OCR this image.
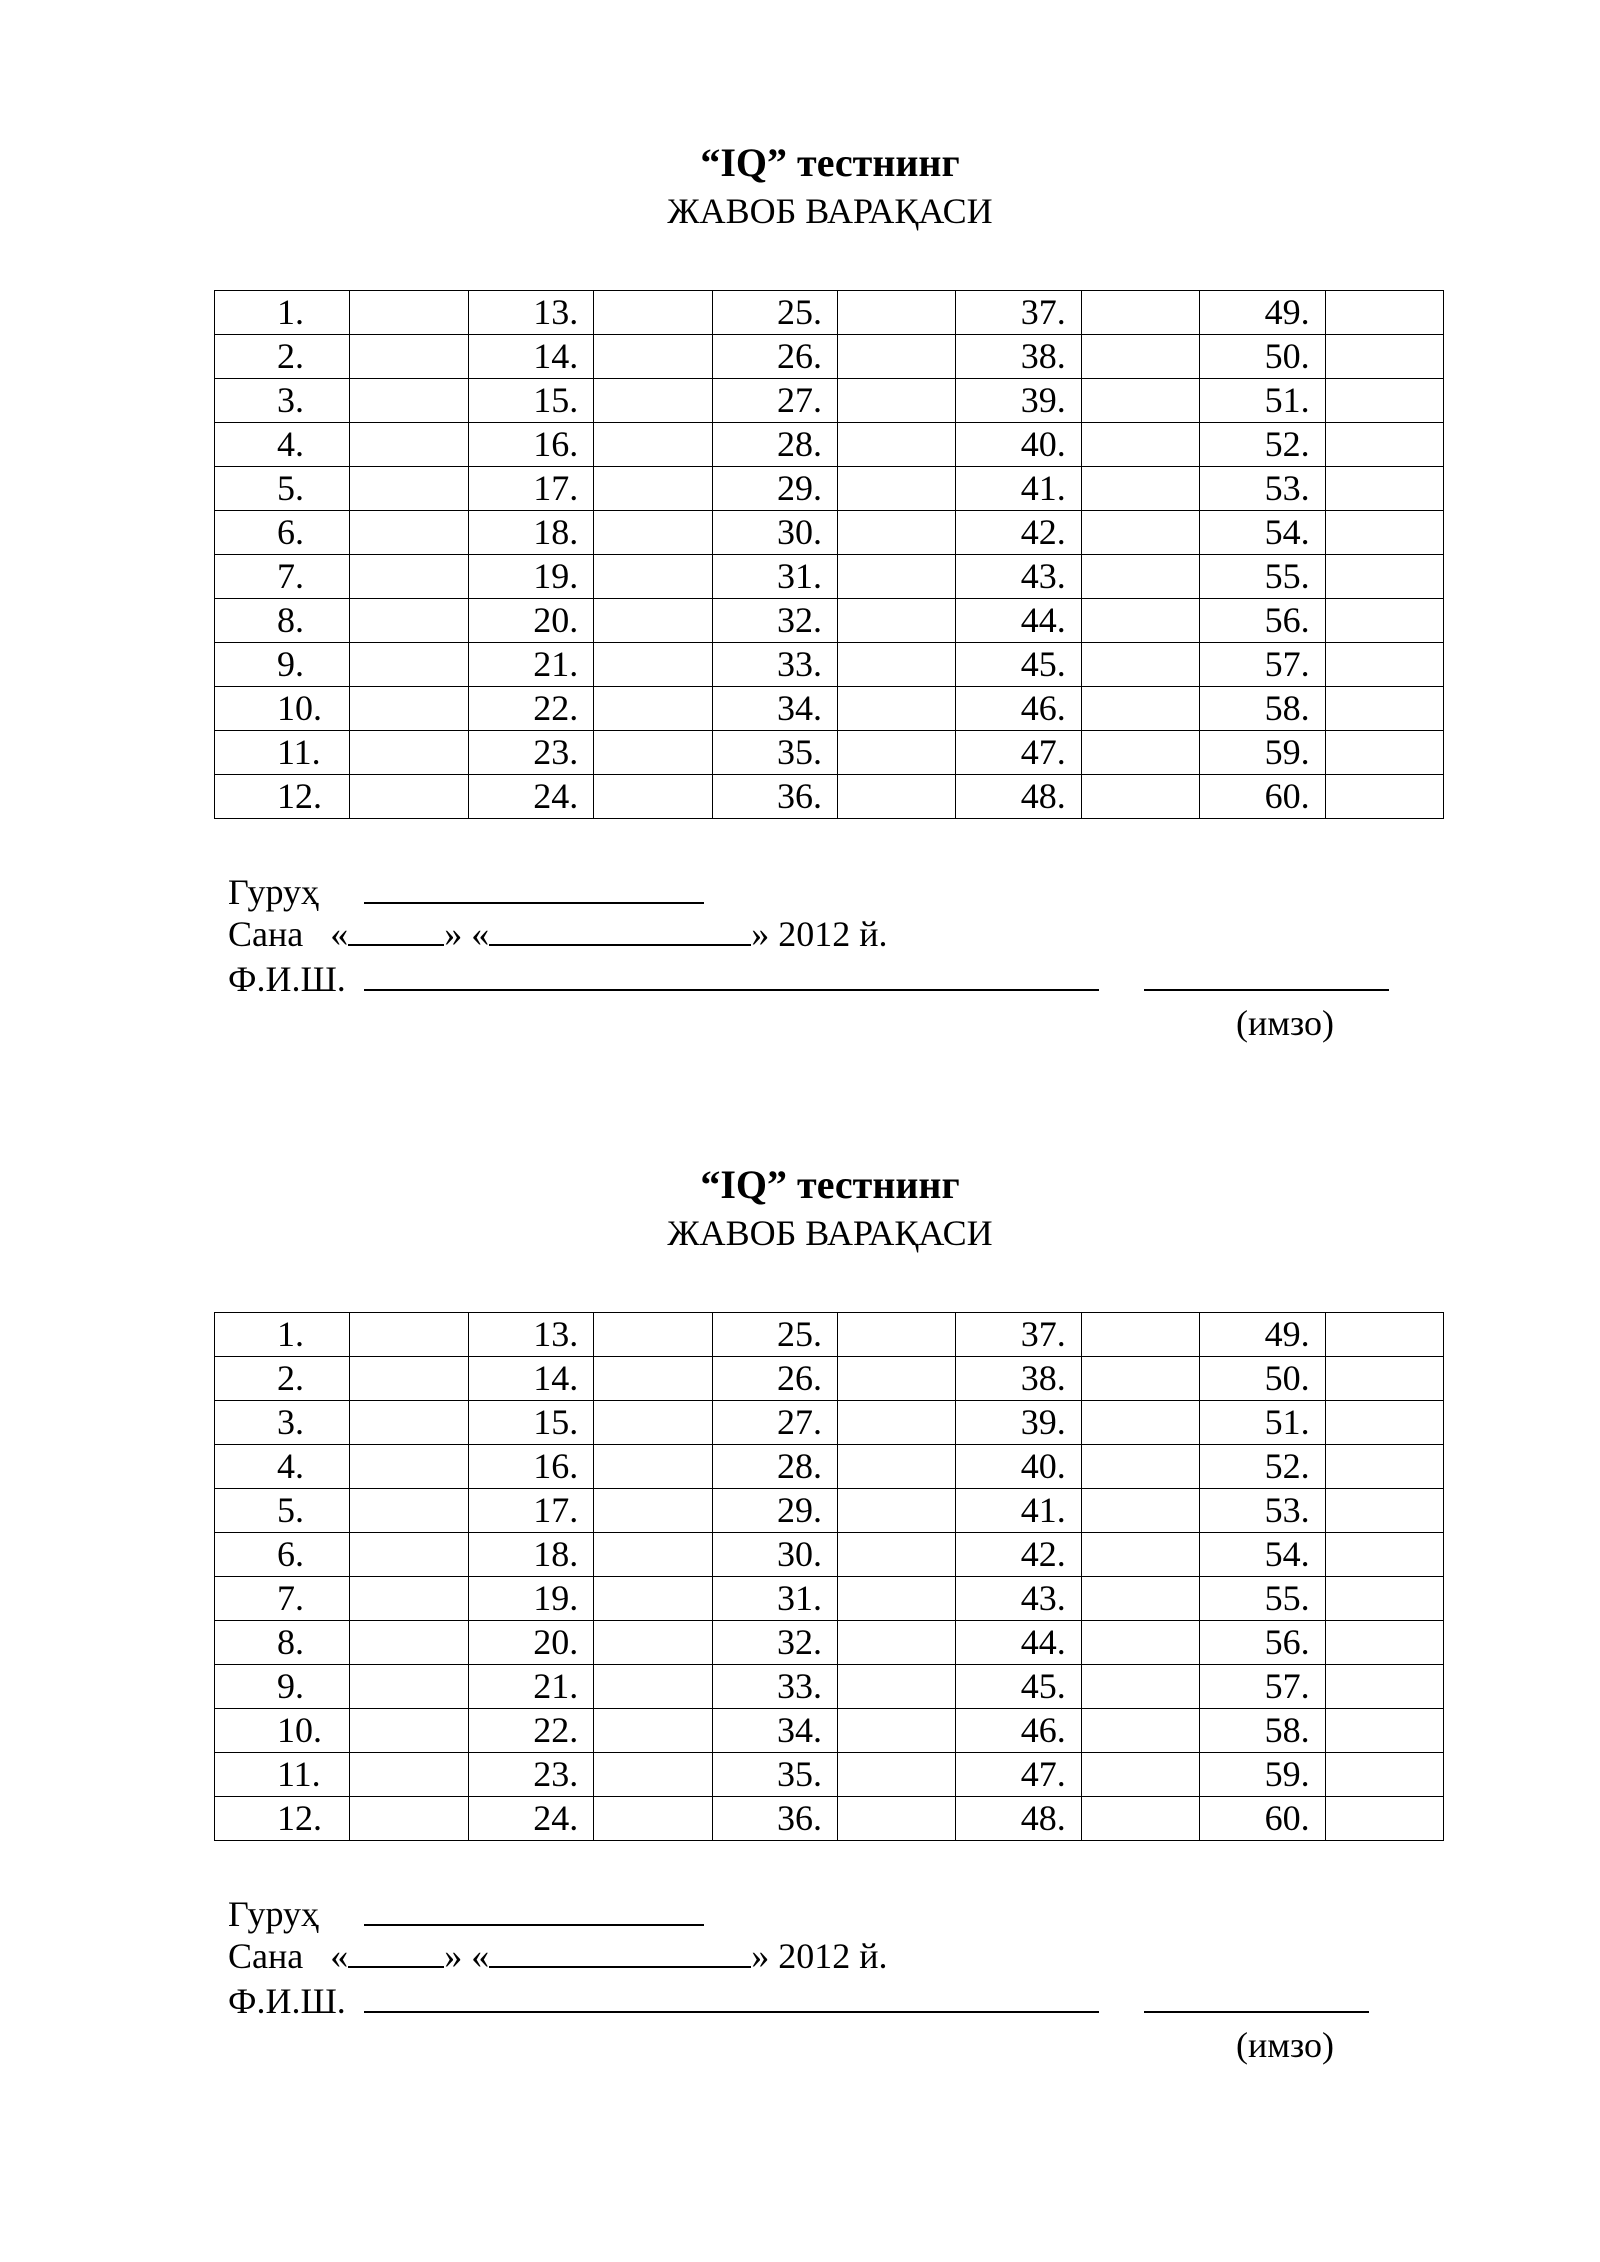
“IQ” тестнинг
ЖАВОБ ВАРАҚАСИ
1.		13.		25.		37.		49.	
2.		14.		26.		38.		50.	
3.		15.		27.		39.		51.	
4.		16.		28.		40.		52.	
5.		17.		29.		41.		53.	
6.		18.		30.		42.		54.	
7.		19.		31.		43.		55.	
8.		20.		32.		44.		56.	
9.		21.		33.		45.		57.	
10.		22.		34.		46.		58.	
11.		23.		35.		47.		59.	
12.		24.		36.		48.		60.	
Гуруҳ
Сана «	» «	» 2012 й.
Ф.И.Ш.
(имзо)
“IQ” тестнинг
ЖАВОБ ВАРАҚАСИ
1.		13.		25.		37.		49.	
2.		14.		26.		38.		50.	
3.		15.		27.		39.		51.	
4.		16.		28.		40.		52.	
5.		17.		29.		41.		53.	
6.		18.		30.		42.		54.	
7.		19.		31.		43.		55.	
8.		20.		32.		44.		56.	
9.		21.		33.		45.		57.	
10.		22.		34.		46.		58.	
11.		23.		35.		47.		59.	
12.		24.		36.		48.		60.	
Гуруҳ
Сана «	» «	» 2012 й.
Ф.И.Ш.
(имзо)
